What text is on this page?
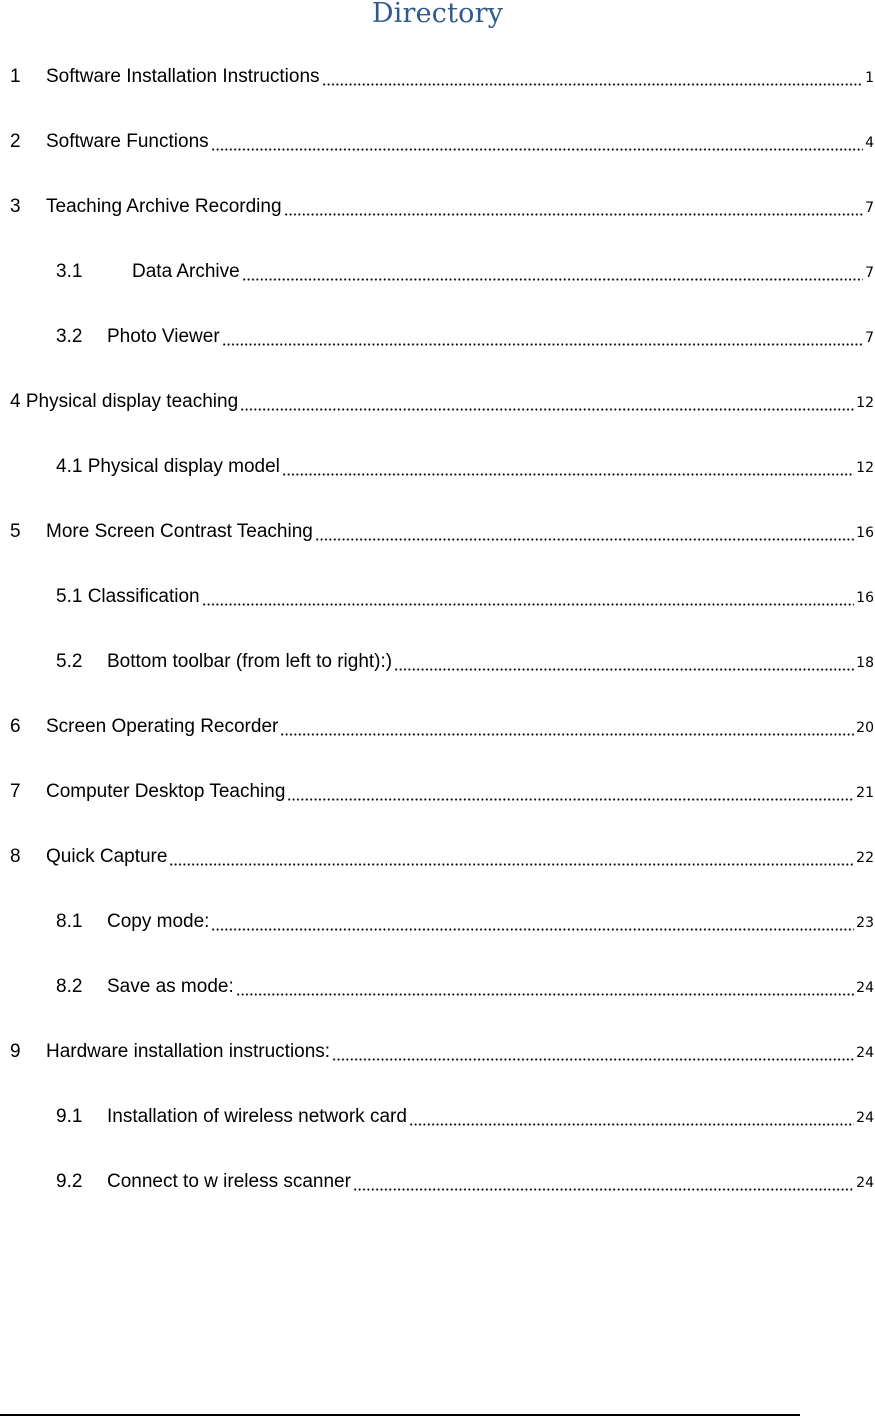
Directory
1	Software Installation Instructions	1
2	Software Functions	4
3	Teaching Archive Recording	7
3.1	Data Archive	7
3.2	Photo Viewer	7
4 Physical display teaching	12
4.1 Physical display model	12
5	More Screen Contrast Teaching	16
5.1 Classification	16
5.2	Bottom toolbar (from left to right):)	18
6	Screen Operating Recorder	20
7	Computer Desktop Teaching	21
8	Quick Capture	22
8.1	Copy mode:	23
8.2	Save as mode:	24
9	Hardware installation instructions:	24
9.1	Installation of wireless network card	24
9.2	Connect to w ireless scanner	24
